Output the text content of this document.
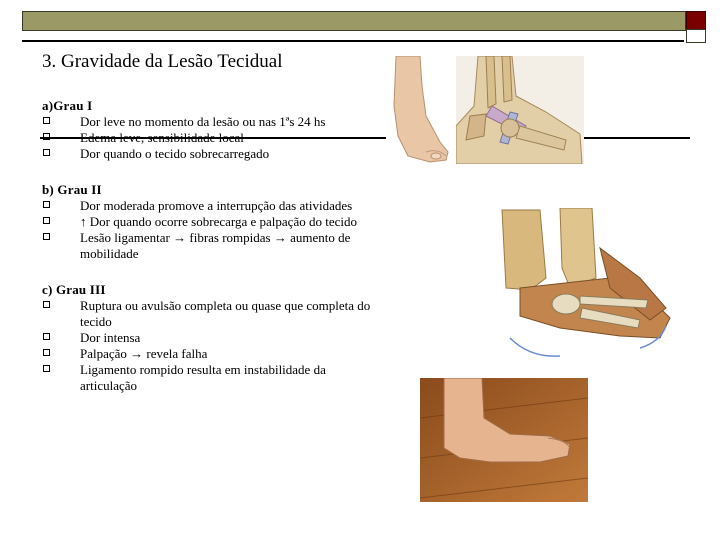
3. Gravidade da Lesão Tecidual
a)Grau I
Dor leve no momento da lesão ou nas 1ªs 24 hs
Edema leve, sensibilidade local
Dor quando o tecido sobrecarregado
b) Grau II
Dor moderada promove a interrupção das atividades
↑ Dor quando ocorre sobrecarga e palpação do tecido
Lesão ligamentar → fibras rompidas → aumento de mobilidade
c) Grau III
Ruptura ou avulsão completa ou quase que completa do tecido
Dor intensa
Palpação → revela falha
Ligamento rompido resulta em instabilidade da articulação
